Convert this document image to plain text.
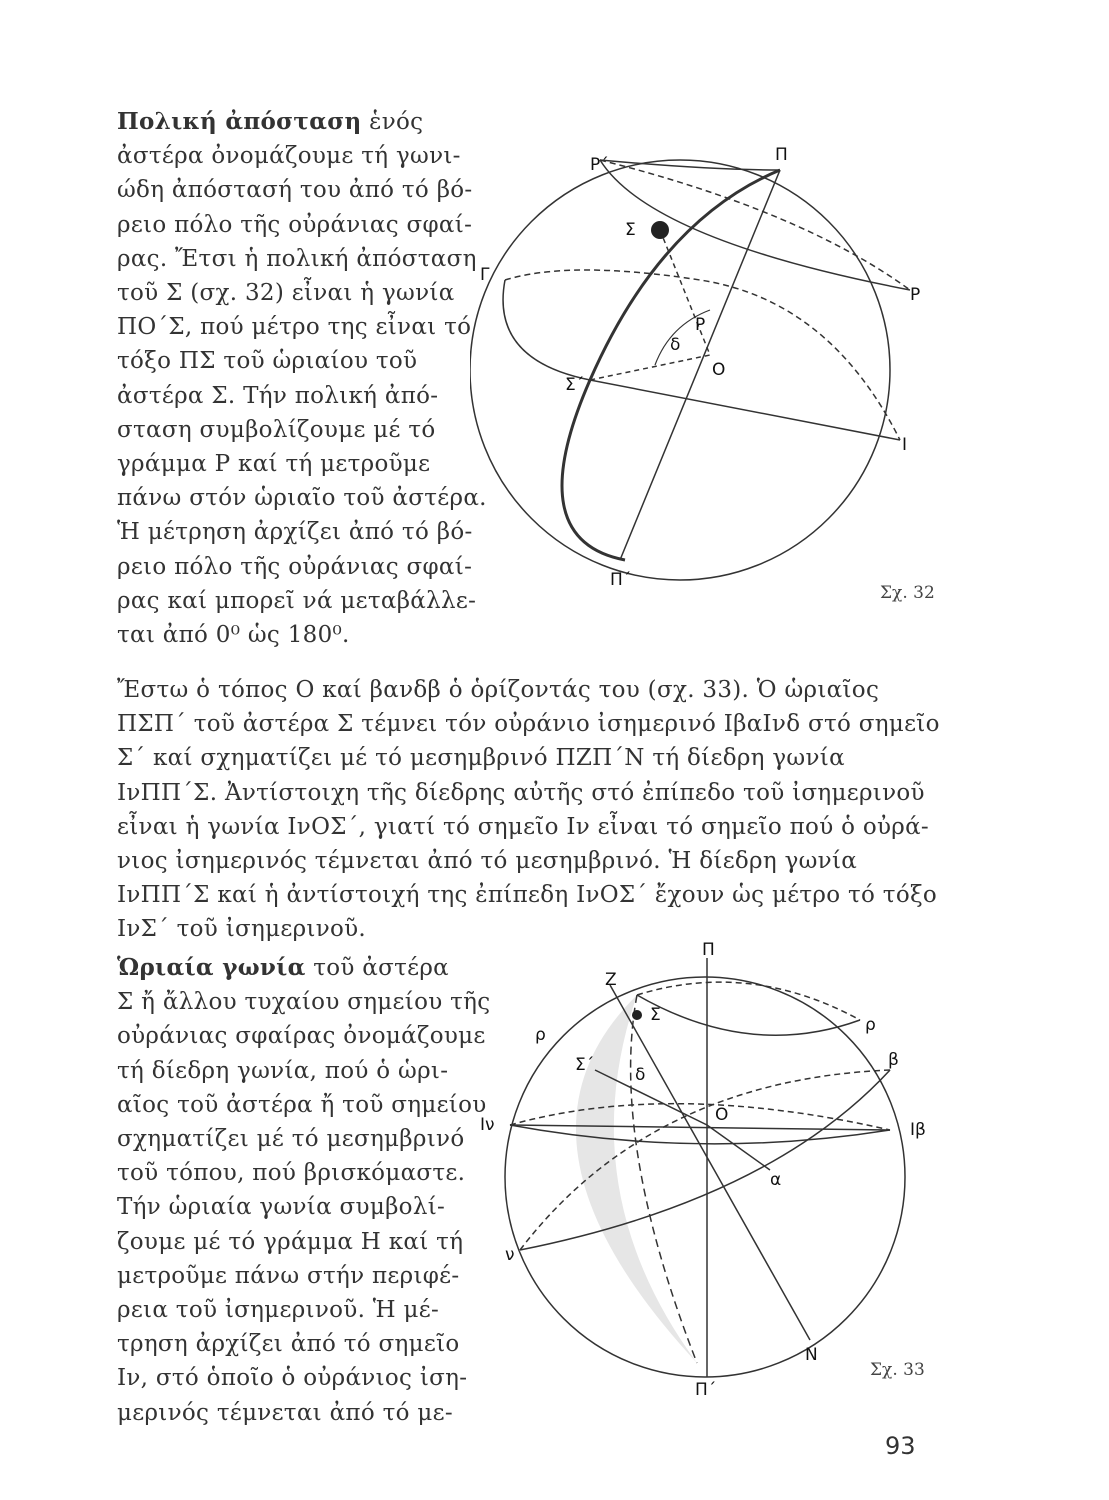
Πολική ἀπόσταση ἑνός
ἀστέρα ὀνομάζουμε τή γωνι-
ώδη ἀπόστασή του ἀπό τό βό-
ρειο πόλο τῆς οὐράνιας σφαί-
ρας. Ἔτσι ἡ πολική ἀπόσταση
τοῦ Σ (σχ. 32) εἶναι ἡ γωνία
ΠΟ΄Σ, πού μέτρο της εἶναι τό
τόξο ΠΣ τοῦ ὡριαίου τοῦ
ἀστέρα Σ. Τήν πολική ἀπό-
σταση συμβολίζουμε μέ τό
γράμμα Ρ καί τή μετροῦμε
πάνω στόν ὡριαῖο τοῦ ἀστέρα.
Ἡ μέτρηση ἀρχίζει ἀπό τό βό-
ρειο πόλο τῆς οὐράνιας σφαί-
ρας καί μπορεῖ νά μεταβάλλε-
ται ἀπό 0⁰ ὡς 180⁰.
Ρ΄	Π
Σ
Γ
Ρ
Ρ
δ
Ο
Σ΄
Ι
Π΄
Σχ. 32
Ἔστω ὁ τόπος Ο καί βανδβ ὁ ὁρίζοντάς του (σχ. 33). Ὁ ὡριαῖος
ΠΣΠ΄ τοῦ ἀστέρα Σ τέμνει τόν οὐράνιο ἰσημερινό ΙβαΙνδ στό σημεῖο
Σ΄ καί σχηματίζει μέ τό μεσημβρινό ΠΖΠ΄Ν τή δίεδρη γωνία
ΙνΠΠ΄Σ. Ἀντίστοιχη τῆς δίεδρης αὐτῆς στό ἐπίπεδο τοῦ ἰσημερινοῦ
εἶναι ἡ γωνία ΙνΟΣ΄, γιατί τό σημεῖο Ιν εἶναι τό σημεῖο πού ὁ οὐρά-
νιος ἰσημερινός τέμνεται ἀπό τό μεσημβρινό. Ἡ δίεδρη γωνία
ΙνΠΠ΄Σ καί ἡ ἀντίστοιχή της ἐπίπεδη ΙνΟΣ΄ ἔχουν ὡς μέτρο τό τόξο
ΙνΣ΄ τοῦ ἰσημερινοῦ.
Ὡριαία γωνία τοῦ ἀστέρα
Σ ἤ ἄλλου τυχαίου σημείου τῆς
οὐράνιας σφαίρας ὀνομάζουμε
τή δίεδρη γωνία, πού ὁ ὡρι-
αῖος τοῦ ἀστέρα ἤ τοῦ σημείου
σχηματίζει μέ τό μεσημβρινό
τοῦ τόπου, πού βρισκόμαστε.
Τήν ὡριαία γωνία συμβολί-
ζουμε μέ τό γράμμα Η καί τή
μετροῦμε πάνω στήν περιφέ-
ρεια τοῦ ἰσημερινοῦ. Ἡ μέ-
τρηση ἀρχίζει ἀπό τό σημεῖο
Ιν, στό ὁποῖο ὁ οὐράνιος ἰση-
μερινός τέμνεται ἀπό τό με-
Π
Ζ
Σ
ρ	ρ
β
Σ΄ δ
Ιν	Ο
Ιβ
α
ν
Π΄
Ν
Σχ. 33
93
